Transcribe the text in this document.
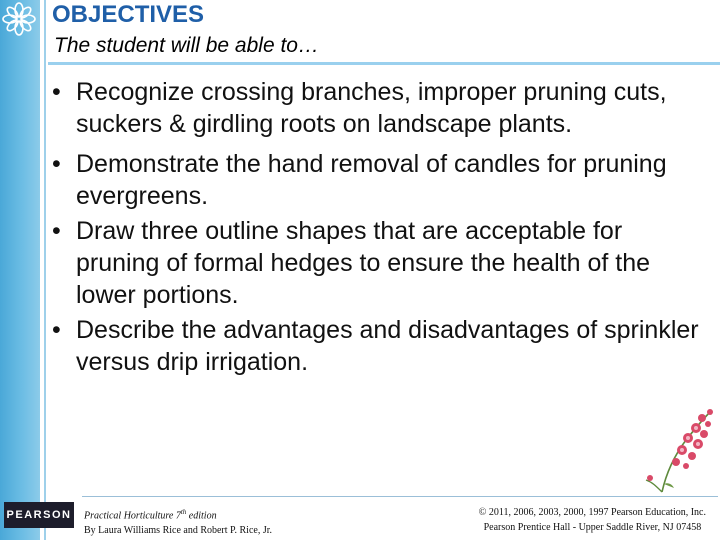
OBJECTIVES

The student will be able to…

• Recognize crossing branches, improper pruning cuts, suckers & girdling roots on landscape plants.
• Demonstrate the hand removal of candles for pruning evergreens.
• Draw three outline shapes that are acceptable for pruning of formal hedges to ensure the health of the lower portions.
• Describe the advantages and disadvantages of sprinkler versus drip irrigation.
PEARSON Practical Horticulture 7th edition
By Laura Williams Rice and Robert P. Rice, Jr.
© 2011, 2006, 2003, 2000, 1997 Pearson Education, Inc.
Pearson Prentice Hall - Upper Saddle River, NJ 07458
